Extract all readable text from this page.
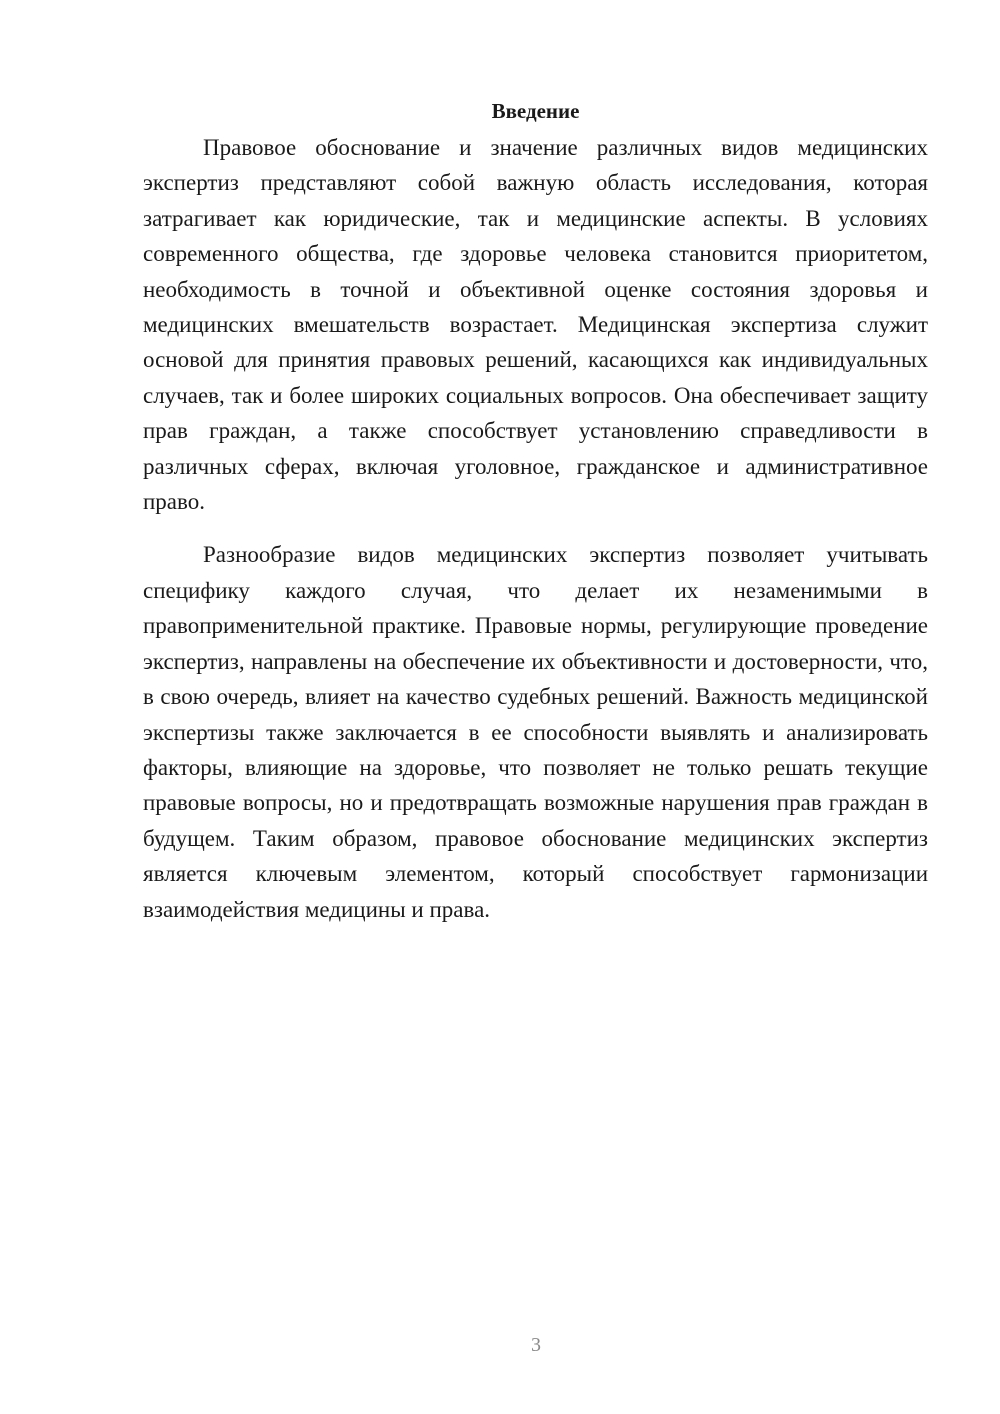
Введение

Правовое обоснование и значение различных видов медицинских экспертиз представляют собой важную область исследования, которая затрагивает как юридические, так и медицинские аспекты. В условиях современного общества, где здоровье человека становится приоритетом, необходимость в точной и объективной оценке состояния здоровья и медицинских вмешательств возрастает. Медицинская экспертиза служит основой для принятия правовых решений, касающихся как индивидуальных случаев, так и более широких социальных вопросов. Она обеспечивает защиту прав граждан, а также способствует установлению справедливости в различных сферах, включая уголовное, гражданское и административное право.

Разнообразие видов медицинских экспертиз позволяет учитывать специфику каждого случая, что делает их незаменимыми в правоприменительной практике. Правовые нормы, регулирующие проведение экспертиз, направлены на обеспечение их объективности и достоверности, что, в свою очередь, влияет на качество судебных решений. Важность медицинской экспертизы также заключается в ее способности выявлять и анализировать факторы, влияющие на здоровье, что позволяет не только решать текущие правовые вопросы, но и предотвращать возможные нарушения прав граждан в будущем. Таким образом, правовое обоснование медицинских экспертиз является ключевым элементом, который способствует гармонизации взаимодействия медицины и права.

3
